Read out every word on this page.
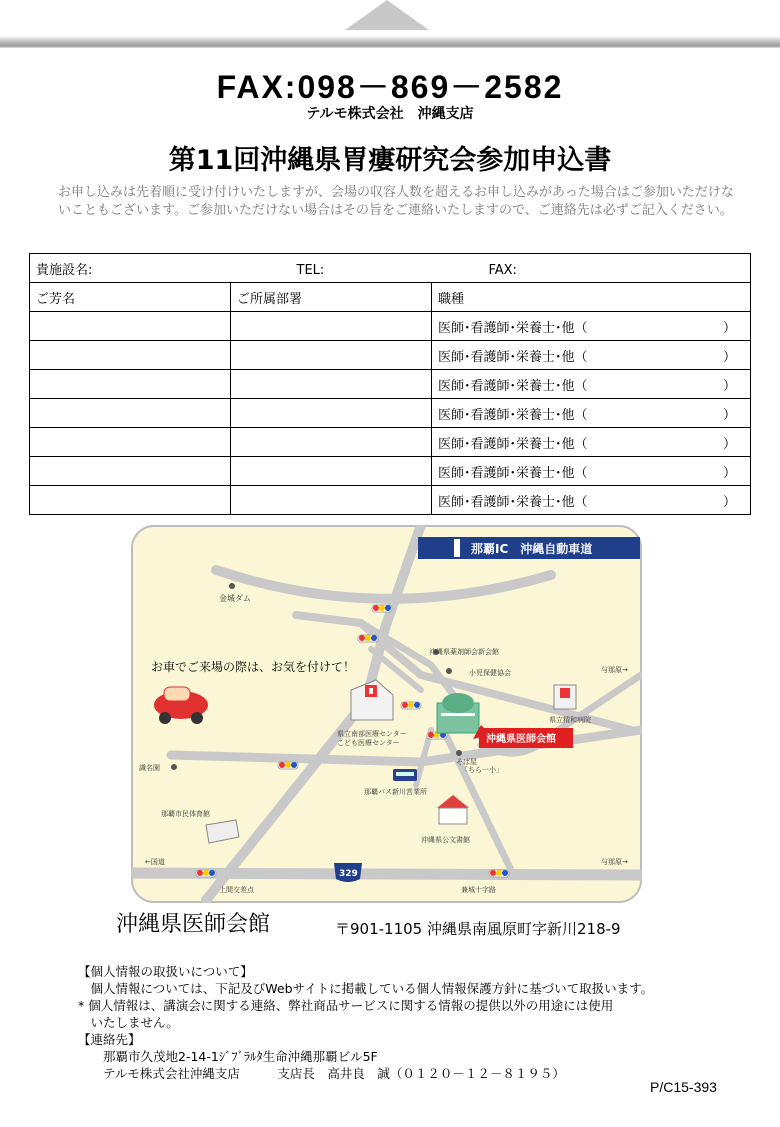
FAX:098－869－2582
テルモ株式会社　沖縄支店
第11回沖縄県胃瘻研究会参加申込書
お申し込みは先着順に受け付けいたしますが、会場の収容人数を超えるお申し込みがあった場合はご参加いただけないこともございます。ご参加いただけない場合はその旨をご連絡いたしますので、ご連絡先は必ずご記入ください。
貴施設名: TEL: FAX:		
ご芳名	ご所属部署	職種

		医師･看護師･栄養士･他（ ）

		医師･看護師･栄養士･他（ ）

		医師･看護師･栄養士･他（ ）

		医師･看護師･栄養士･他（ ）

		医師･看護師･栄養士･他（ ）

		医師･看護師･栄養士･他（ ）

		医師･看護師･栄養士･他（ ）
那覇IC　沖縄自動車道
金城ダム
沖縄県薬剤師会新会館
小児保健協会	与那原→
お車でご来場の際は、お気を付けて！
県立南部医療センター
こども医療センター
県立精和病院
沖縄県医師会館
そば屋
「ちら一小」
識名園
那覇バス新川営業所
那覇市民体育館
沖縄県公文書館
←国道	与那原→
329
上間交差点	兼城十字路
沖縄県医師会館	〒901-1105 沖縄県南風原町字新川218-9
【個人情報の取扱いについて】
　個人情報については、下記及びWebサイトに掲載している個人情報保護方針に基づいて取扱います。
* 個人情報は、講演会に関する連絡、弊社商品サービスに関する情報の提供以外の用途には使用
　いたしません。
【連絡先】
　　那覇市久茂地2-14-1ｼﾞﾌﾞﾗﾙﾀ生命沖縄那覇ビル5F
　　テルモ株式会社沖縄支店　　　支店長　高井良　誠（０１２０－１２－８１９５）
P/C15-393
